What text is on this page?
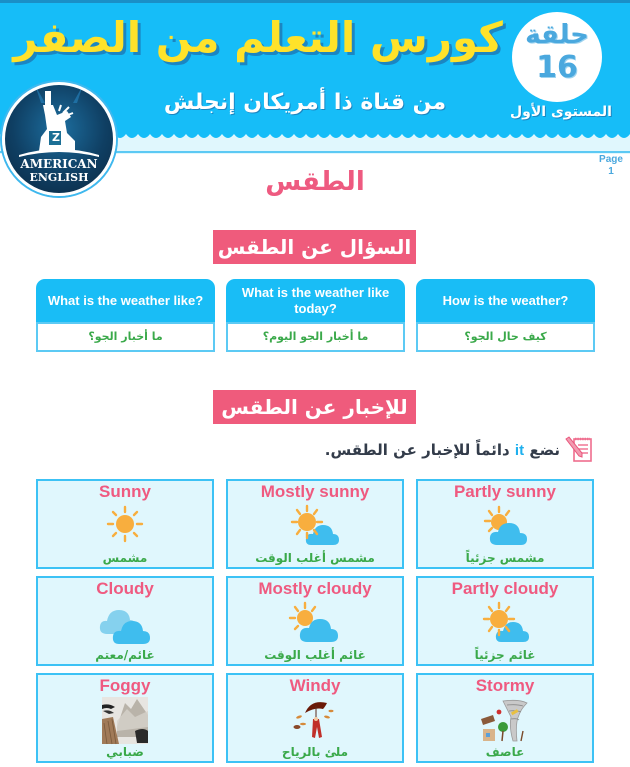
كورس التعلم من الصفر
من قناة ذا أمريكان إنجلش
حلقة
16
المستوى الأول
Z
AMERICAN
ENGLISH
Page
1
الطقس
السؤال عن الطقس
How is the weather?
كيف حال الجو؟
What is the weather like today?
ما أخبار الجو اليوم؟
What is the weather like?
ما أخبار الجو؟
للإخبار عن الطقس
نضع it دائماً للإخبار عن الطقس.
Partly sunny
مشمس جزئياً
Mostly sunny
مشمس أغلب الوقت
Sunny
مشمس
Partly cloudy
غائم جزئياً
Mostly cloudy
غائم أغلب الوقت
Cloudy
غائم/معتم
Stormy
عاصف
Windy
ملئ بالرياح
Foggy
ضبابي
